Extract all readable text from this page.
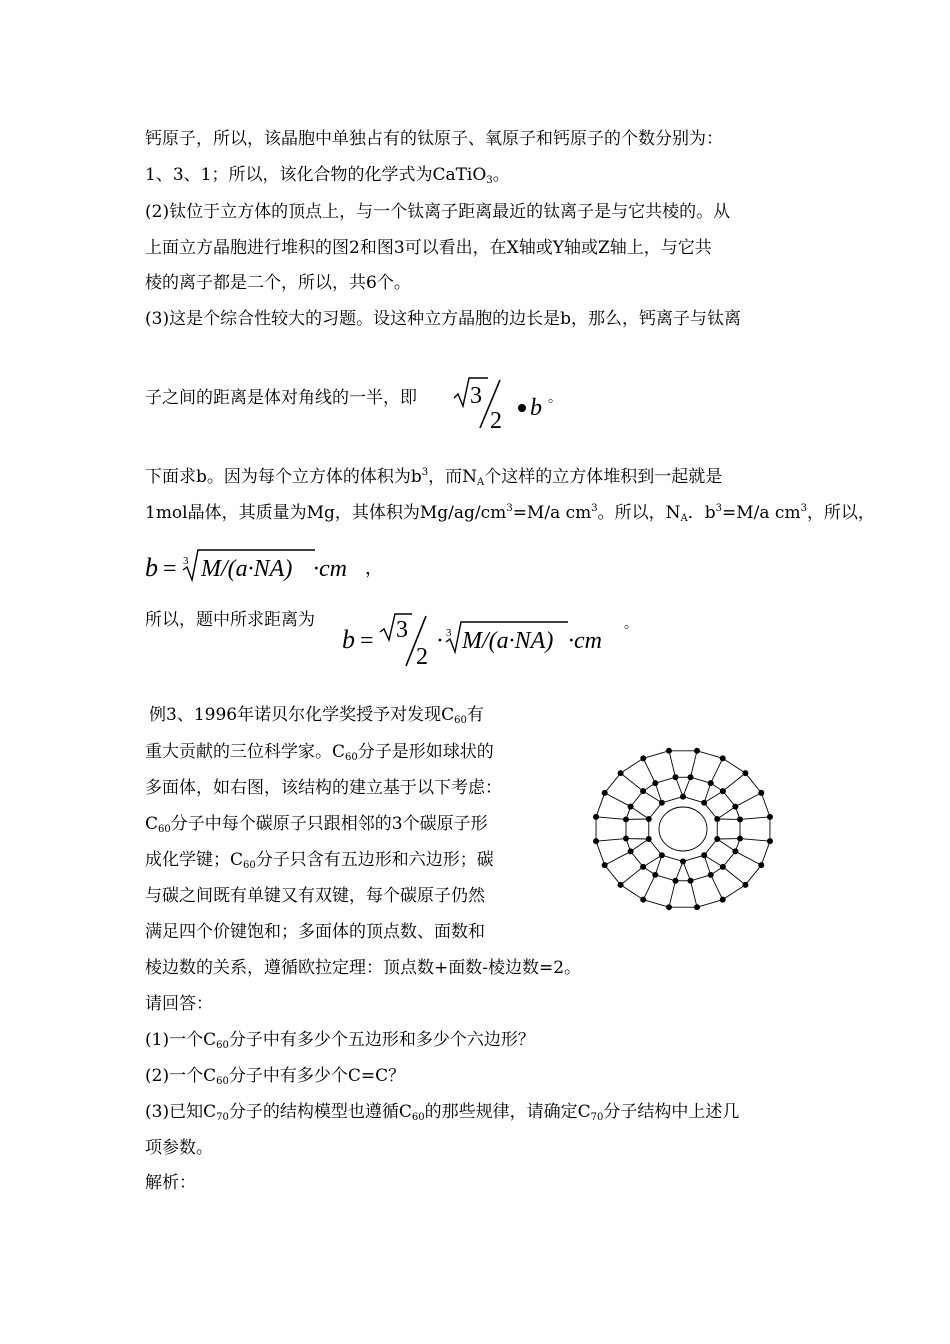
钙原子，所以，该晶胞中单独占有的钛原子、氧原子和钙原子的个数分别为：
1、3、1；所以，该化合物的化学式为CaTiO$_3$。
(2)钛位于立方体的顶点上，与一个钛离子距离最近的钛离子是与它共棱的。从
上面立方晶胞进行堆积的图2和图3可以看出，在X轴或Y轴或Z轴上，与它共
棱的离子都是二个，所以，共6个。
(3)这是个综合性较大的习题。设这种立方晶胞的边长是b，那么，钙离子与钛离
子之间的距离是体对角线的一半，即 3
2 b 。
下面求b。因为每个立方体的体积为$b^3$，而$N_A$个这样的立方体堆积到一起就是
1mol晶体，其质量为Mg，其体积为$Mg/ag/cm^3=M/a$ $cm^3$。所以，$N_A$．$b^3=M/a$ $cm^3$，所以，
b = 3 M/(a·NA) ·cm ，
所以，题中所求距离为
b = 3
2
· 3 M/(a·NA) ·cm
。
例3、1996年诺贝尔化学奖授予对发现$C_{60}$有
重大贡献的三位科学家。$C_{60}$分子是形如球状的
多面体，如右图，该结构的建立基于以下考虑：
$C_{60}$分子中每个碳原子只跟相邻的3个碳原子形
成化学键；$C_{60}$分子只含有五边形和六边形；碳
与碳之间既有单键又有双键，每个碳原子仍然
满足四个价键饱和；多面体的顶点数、面数和
棱边数的关系，遵循欧拉定理：顶点数+面数-棱边数=2。
请回答：
(1)一个$C_{60}$分子中有多少个五边形和多少个六边形？
(2)一个$C_{60}$分子中有多少个C=C？
(3)已知$C_{70}$分子的结构模型也遵循$C_{60}$的那些规律，请确定$C_{70}$分子结构中上述几
项参数。
解析：
